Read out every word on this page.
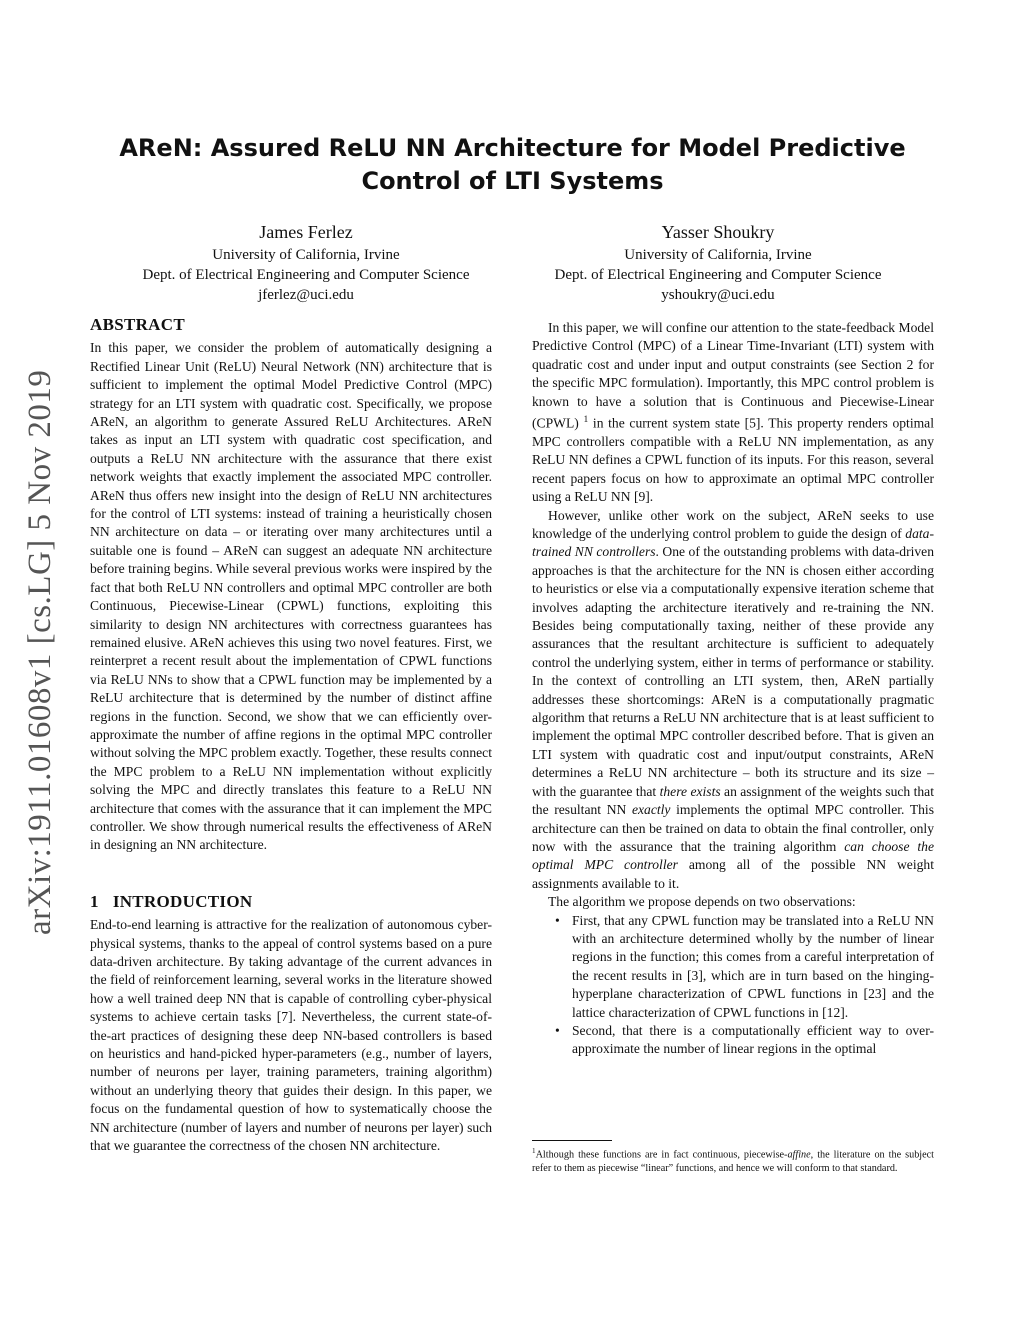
arXiv:1911.01608v1 [cs.LG] 5 Nov 2019
AReN: Assured ReLU NN Architecture for Model Predictive
Control of LTI Systems
James Ferlez
University of California, Irvine
Dept. of Electrical Engineering and Computer Science
jferlez@uci.edu
Yasser Shoukry
University of California, Irvine
Dept. of Electrical Engineering and Computer Science
yshoukry@uci.edu
ABSTRACT

In this paper, we consider the problem of automatically designing a Rectified Linear Unit (ReLU) Neural Network (NN) architecture that is sufficient to implement the optimal Model Predictive Control (MPC) strategy for an LTI system with quadratic cost. Specifically, we propose AReN, an algorithm to generate Assured ReLU Architectures. AReN takes as input an LTI system with quadratic cost specification, and outputs a ReLU NN architecture with the assurance that there exist network weights that exactly implement the associated MPC controller. AReN thus offers new insight into the design of ReLU NN architectures for the control of LTI systems: instead of training a heuristically chosen NN architecture on data – or iterating over many architectures until a suitable one is found – AReN can suggest an adequate NN architecture before training begins. While several previous works were inspired by the fact that both ReLU NN controllers and optimal MPC controller are both Continuous, Piecewise-Linear (CPWL) functions, exploiting this similarity to design NN architectures with correctness guarantees has remained elusive. AReN achieves this using two novel features. First, we reinterpret a recent result about the implementation of CPWL functions via ReLU NNs to show that a CPWL function may be implemented by a ReLU architecture that is determined by the number of distinct affine regions in the function. Second, we show that we can efficiently over-approximate the number of affine regions in the optimal MPC controller without solving the MPC problem exactly. Together, these results connect the MPC problem to a ReLU NN implementation without explicitly solving the MPC and directly translates this feature to a ReLU NN architecture that comes with the assurance that it can implement the MPC controller. We show through numerical results the effectiveness of AReN in designing an NN architecture.

1 INTRODUCTION

End-to-end learning is attractive for the realization of autonomous cyber-physical systems, thanks to the appeal of control systems based on a pure data-driven architecture. By taking advantage of the current advances in the field of reinforcement learning, several works in the literature showed how a well trained deep NN that is capable of controlling cyber-physical systems to achieve certain tasks [7]. Nevertheless, the current state-of-the-art practices of designing these deep NN-based controllers is based on heuristics and hand-picked hyper-parameters (e.g., number of layers, number of neurons per layer, training parameters, training algorithm) without an underlying theory that guides their design. In this paper, we focus on the fundamental question of how to systematically choose the NN architecture (number of layers and number of neurons per layer) such that we guarantee the correctness of the chosen NN architecture.

In this paper, we will confine our attention to the state-feedback Model Predictive Control (MPC) of a Linear Time-Invariant (LTI) system with quadratic cost and under input and output constraints (see Section 2 for the specific MPC formulation). Importantly, this MPC control problem is known to have a solution that is Continuous and Piecewise-Linear (CPWL) $^1$ in the current system state [5]. This property renders optimal MPC controllers compatible with a ReLU NN implementation, as any ReLU NN defines a CPWL function of its inputs. For this reason, several recent papers focus on how to approximate an optimal MPC controller using a ReLU NN [9].

However, unlike other work on the subject, AReN seeks to use knowledge of the underlying control problem to guide the design of data-trained NN controllers. One of the outstanding problems with data-driven approaches is that the architecture for the NN is chosen either according to heuristics or else via a computationally expensive iteration scheme that involves adapting the architecture iteratively and re-training the NN. Besides being computationally taxing, neither of these provide any assurances that the resultant architecture is sufficient to adequately control the underlying system, either in terms of performance or stability. In the context of controlling an LTI system, then, AReN partially addresses these shortcomings: AReN is a computationally pragmatic algorithm that returns a ReLU NN architecture that is at least sufficient to implement the optimal MPC controller described before. That is given an LTI system with quadratic cost and input/output constraints, AReN determines a ReLU NN architecture – both its structure and its size – with the guarantee that there exists an assignment of the weights such that the resultant NN exactly implements the optimal MPC controller. This architecture can then be trained on data to obtain the final controller, only now with the assurance that the training algorithm can choose the optimal MPC controller among all of the possible NN weight assignments available to it.

The algorithm we propose depends on two observations:

• First, that any CPWL function may be translated into a ReLU NN with an architecture determined wholly by the number of linear regions in the function; this comes from a careful interpretation of the recent results in [3], which are in turn based on the hinging-hyperplane characterization of CPWL functions in [23] and the lattice characterization of CPWL functions in [12].
• Second, that there is a computationally efficient way to over-approximate the number of linear regions in the optimal
$^1$Although these functions are in fact continuous, piecewise-affine, the literature on the subject refer to them as piecewise “linear” functions, and hence we will conform to that standard.
